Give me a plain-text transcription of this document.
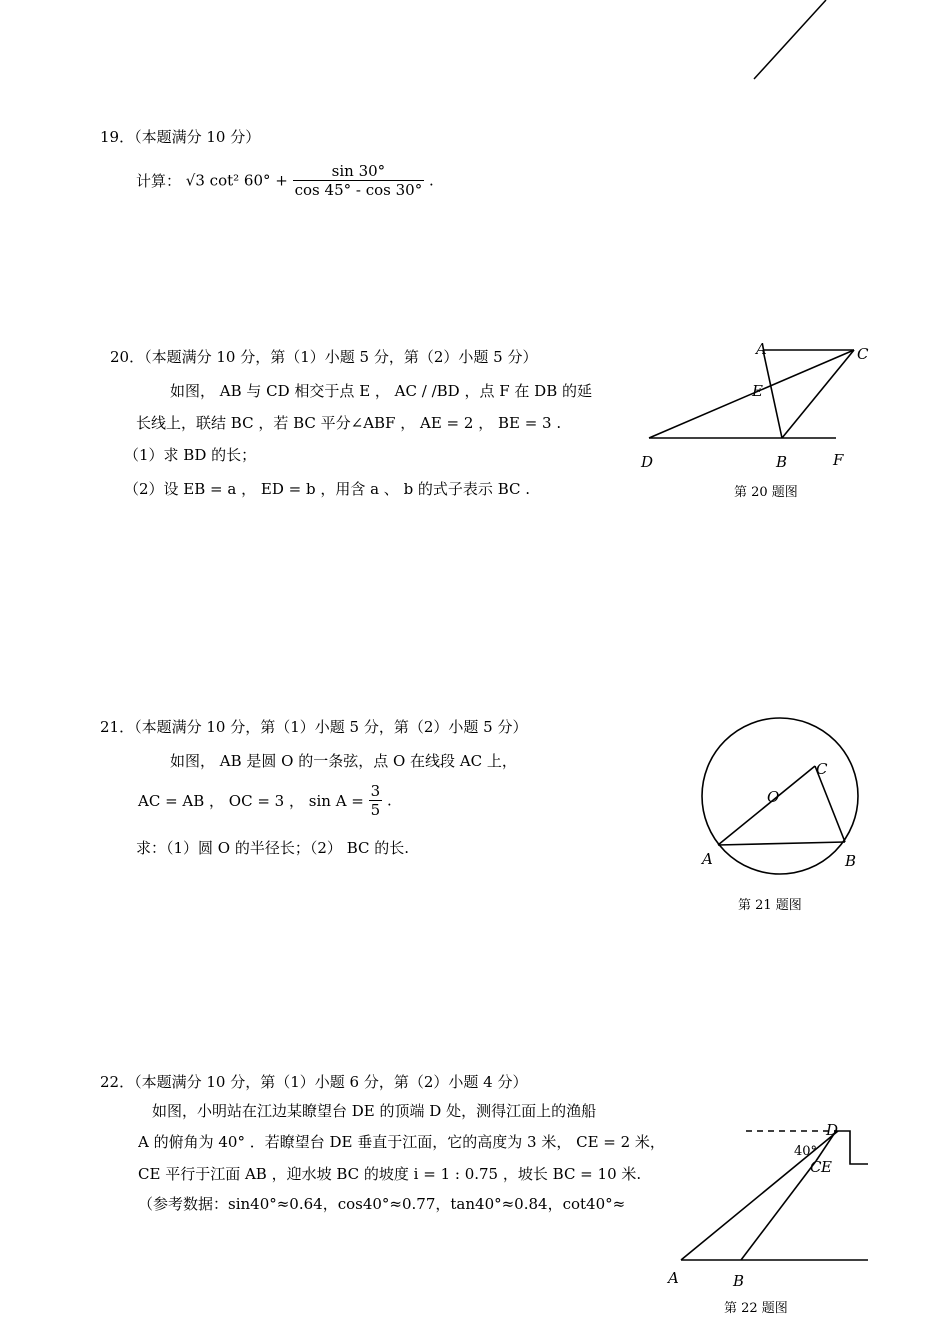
19．（本题满分 10 分）
计算： √3 cot² $60^\circ + \frac{\sin 30^\circ}{\cos 45^\circ - \cos 30^\circ}$ .
20．（本题满分 10 分，第（1）小题 5 分，第（2）小题 5 分）
如图， AB 与 CD 相交于点 E ， AC / /BD ，点 F 在 DB 的延
长线上，联结 BC ，若 BC 平分∠ABF ， AE = 2 ， BE = 3 .
（1）求 BD 的长；
（2）设 EB = a ， ED = b ，用含 a 、 b 的式子表示 BC .
A	C
E
D	B	F
第 20 题图
21．（本题满分 10 分，第（1）小题 5 分，第（2）小题 5 分）
如图， AB 是圆 O 的一条弦，点 O 在线段 AC 上，
AC = AB ， OC = 3 ， $\sin A = \frac{3}{5}$ .
求：（1）圆 O 的半径长；（2） BC 的长.
C
O
A	B
第 21 题图
22．（本题满分 10 分，第（1）小题 6 分，第（2）小题 4 分）
如图，小明站在江边某瞭望台 DE 的顶端 D 处，测得江面上的渔船
A 的俯角为 40° ．若瞭望台 DE 垂直于江面，它的高度为 3 米， CE = 2 米，
CE 平行于江面 AB ，迎水坡 BC 的坡度 i = 1 : 0.75 ，坡长 BC = 10 米.
（参考数据：sin40°≈0.64，cos40°≈0.77，tan40°≈0.84，cot40°≈
D
40°
C E
A	B
第 22 题图
